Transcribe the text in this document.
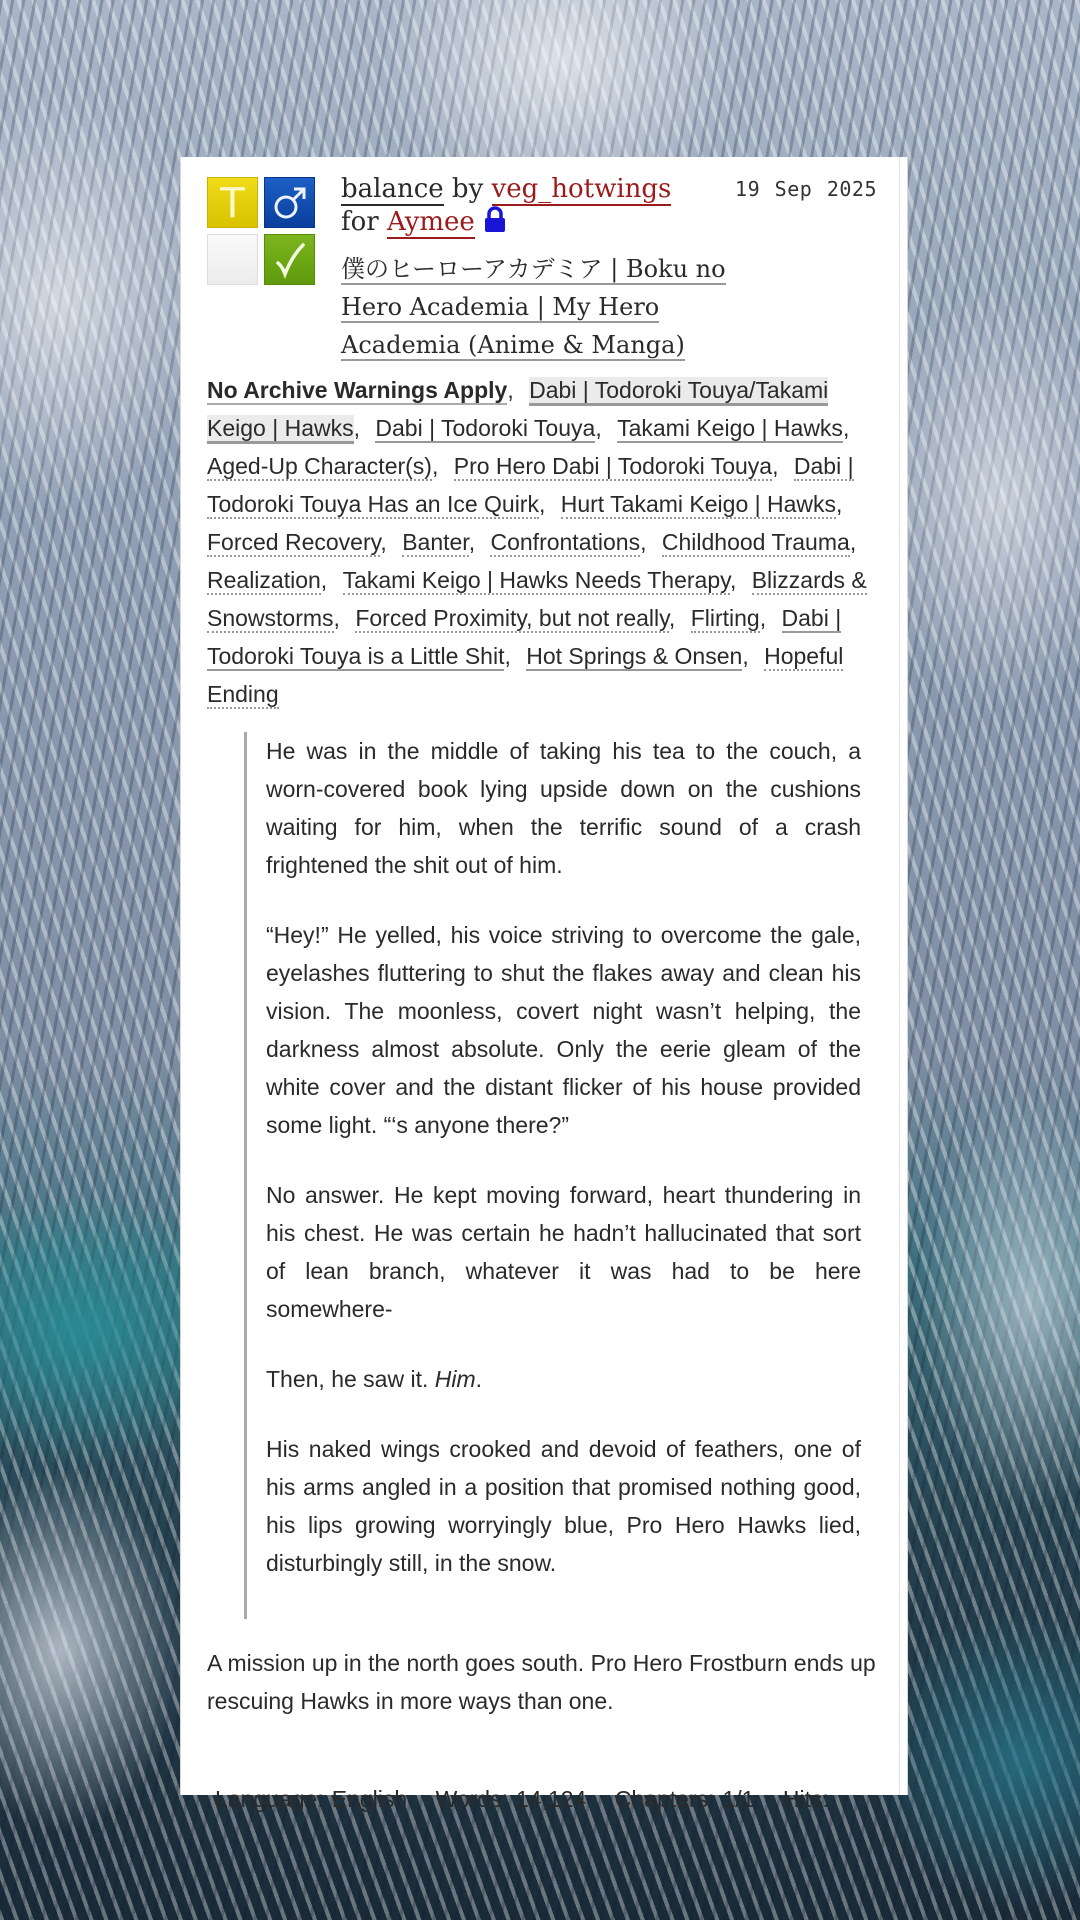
T	balance by veg_hotwings
for Aymee
僕のヒーローアカデミア | Boku no Hero Academia | My Hero Academia (Anime & Manga)
19 Sep 2025
No Archive Warnings Apply, Dabi | Todoroki Touya/Takami Keigo | Hawks, Dabi | Todoroki Touya, Takami Keigo | Hawks, Aged-Up Character(s), Pro Hero Dabi | Todoroki Touya, Dabi | Todoroki Touya Has an Ice Quirk, Hurt Takami Keigo | Hawks, Forced Recovery, Banter, Confrontations, Childhood Trauma, Realization, Takami Keigo | Hawks Needs Therapy, Blizzards & Snowstorms, Forced Proximity, but not really, Flirting, Dabi | Todoroki Touya is a Little Shit, Hot Springs & Onsen, Hopeful Ending

He was in the middle of taking his tea to the couch, a worn-covered book lying upside down on the cushions waiting for him, when the terrific sound of a crash frightened the shit out of him.

“Hey!” He yelled, his voice striving to overcome the gale, eyelashes fluttering to shut the flakes away and clean his vision. The moonless, covert night wasn’t helping, the darkness almost absolute. Only the eerie gleam of the white cover and the distant flicker of his house provided some light. “‘s anyone there?”

No answer. He kept moving forward, heart thundering in his chest. He was certain he hadn’t hallucinated that sort of lean branch, whatever it was had to be here somewhere-

Then, he saw it. Him.

His naked wings crooked and devoid of feathers, one of his arms angled in a position that promised nothing good, his lips growing worryingly blue, Pro Hero Hawks lied, disturbingly still, in the snow.

A mission up in the north goes south. Pro Hero Frostburn ends up rescuing Hawks in more ways than one.

Language: English Words: 14,124 Chapters: 1/1 Hits:
